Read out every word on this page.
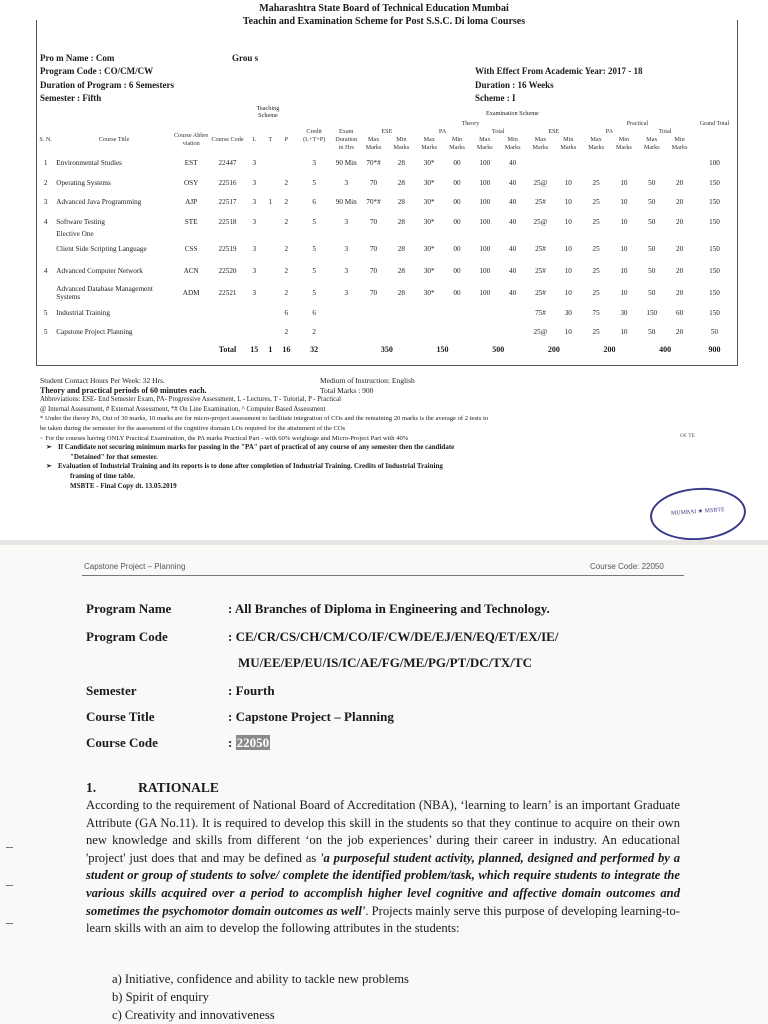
Maharashtra State Board of Technical Education Mumbai
Teachin and Examination Scheme for Post S.S.C. Di loma Courses
Pro m Name : Com	Grou s
Program Code : CO/CM/CW	With Effect From Academic Year: 2017 - 18
Duration of Program : 6 Semesters	Duration : 16 Weeks
Semester : Fifth	Scheme : I
Teaching Scheme	Examination Scheme
									Theory								Practical				Grand Total
S. N.	Course Title	Course Abbre viation	Course Code	L	T	P	Credit (L+T+P)	Exam Duration in Hrs	ESE		PA		Total		ESE		PA		Total		
									Max Marks	Min Marks	Max Marks	Min Marks	Max Marks	Min Marks	Max Marks	Min Marks	Max Marks	Min Marks	Max Marks	Min Marks	
1	Environmental Studies	EST	22447	3			3	90 Min	70*#	28	30*	00	100	40							100
2	Operating Systems	OSY	22516	3		2	5	3	70	28	30*	00	100	40	25@	10	25	10	50	20	150
3	Advanced Java Programming	AJP	22517	3	1	2	6	90 Min	70*#	28	30*	00	100	40	25#	10	25	10	50	20	150
4	Software Testing	STE	22518	3		2	5	3	70	28	30*	00	100	40	25@	10	25	10	50	20	150
	Elective One																				
	Client Side Scripting Language	CSS	22519	3		2	5	3	70	28	30*	00	100	40	25#	10	25	10	50	20	150
4	Advanced Computer Network	ACN	22520	3		2	5	3	70	28	30*	00	100	40	25#	10	25	10	50	20	150
	Advanced Database Management Systems	ADM	22521	3		2	5	3	70	28	30*	00	100	40	25#	10	25	10	50	20	150
5	Industrial Training					6	6								75#	30	75	30	150	60	150
5	Capstone Project Planning					2	2								25@	10	25	10	50	20	50
			Total	15	1	16	32		350		150		500		200		200		400		900
Student Contact Hours Per Week: 32 Hrs.	Medium of Instruction: English
Theory and practical periods of 60 minutes each.	Total Marks : 900
Abbreviations: ESE- End Semester Exam, PA- Progressive Assessment, L - Lectures, T - Tutorial, P - Practical
@ Internal Assessment, # External Assessment, *# On Line Examination, ^ Computer Based Assessment
* Under the theory PA, Out of 30 marks, 10 marks are for micro-project assessment to facilitate integration of COs and the remaining 20 marks is the average of 2 tests to
be taken during the semester for the assessment of the cognitive domain LOs required for the attainment of the COs
~ For the courses having ONLY Practical Examination, the PA marks Practical Part - with 60% weightage and Micro-Project Part with 40%	OF TE
➢ If Candidate not securing minimum marks for passing in the "PA" part of practical of any course of any semester then the candidate
"Detained" for that semester.
➢ Evaluation of Industrial Training and its reports is to done after completion of Industrial Training. Credits of Industrial Training
framing of time table.
MSBTE - Final Copy dt. 13.05.2019
MUMBAI ★ MSBTE
Capstone Project – Planning	Course Code: 22050
Program Name	: All Branches of Diploma in Engineering and Technology.
Program Code	: CE/CR/CS/CH/CM/CO/IF/CW/DE/EJ/EN/EQ/ET/EX/IE/
MU/EE/EP/EU/IS/IC/AE/FG/ME/PG/PT/DC/TX/TC
Semester	: Fourth
Course Title	: Capstone Project – Planning
Course Code	: 22050
1.	RATIONALE
According to the requirement of National Board of Accreditation (NBA), ‘learning to learn’ is an important Graduate Attribute (GA No.11). It is required to develop this skill in the students so that they continue to acquire on their own new knowledge and skills from different ‘on the job experiences’ during their career in industry. An educational 'project' just does that and may be defined as 'a purposeful student activity, planned, designed and performed by a student or group of students to solve/ complete the identified problem/task, which require students to integrate the various skills acquired over a period to accomplish higher level cognitive and affective domain outcomes and sometimes the psychomotor domain outcomes as well'. Projects mainly serve this purpose of developing learning-to-learn skills with an aim to develop the following attributes in the students:
a) Initiative, confidence and ability to tackle new problems
b) Spirit of enquiry
c) Creativity and innovativeness
